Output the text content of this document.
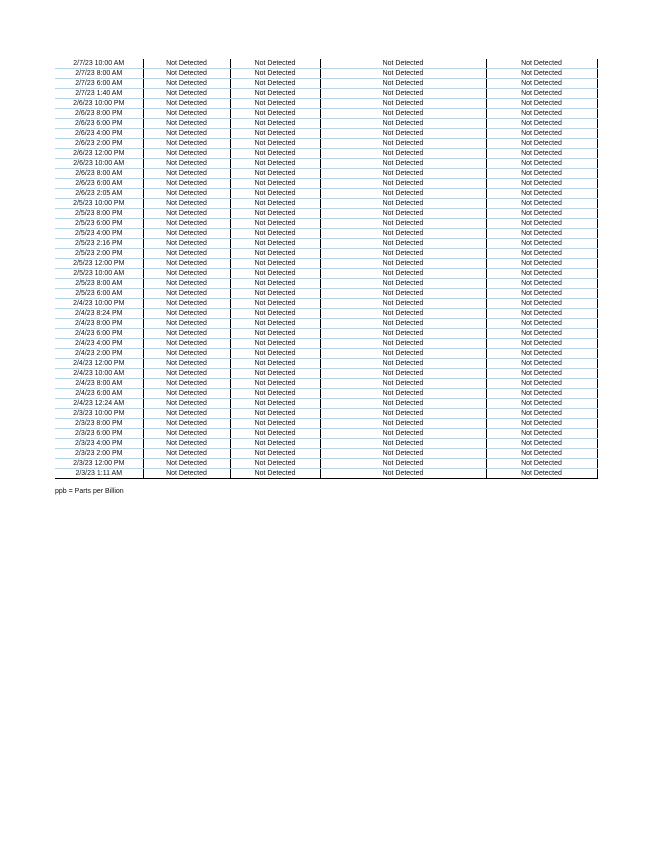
2/7/23 10:00 AM	Not Detected	Not Detected	Not Detected	Not Detected
2/7/23 8:00 AM	Not Detected	Not Detected	Not Detected	Not Detected
2/7/23 6:00 AM	Not Detected	Not Detected	Not Detected	Not Detected
2/7/23 1:40 AM	Not Detected	Not Detected	Not Detected	Not Detected
2/6/23 10:00 PM	Not Detected	Not Detected	Not Detected	Not Detected
2/6/23 8:00 PM	Not Detected	Not Detected	Not Detected	Not Detected
2/6/23 6:00 PM	Not Detected	Not Detected	Not Detected	Not Detected
2/6/23 4:00 PM	Not Detected	Not Detected	Not Detected	Not Detected
2/6/23 2:00 PM	Not Detected	Not Detected	Not Detected	Not Detected
2/6/23 12:00 PM	Not Detected	Not Detected	Not Detected	Not Detected
2/6/23 10:00 AM	Not Detected	Not Detected	Not Detected	Not Detected
2/6/23 8:00 AM	Not Detected	Not Detected	Not Detected	Not Detected
2/6/23 6:00 AM	Not Detected	Not Detected	Not Detected	Not Detected
2/6/23 2:05 AM	Not Detected	Not Detected	Not Detected	Not Detected
2/5/23 10:00 PM	Not Detected	Not Detected	Not Detected	Not Detected
2/5/23 8:00 PM	Not Detected	Not Detected	Not Detected	Not Detected
2/5/23 6:00 PM	Not Detected	Not Detected	Not Detected	Not Detected
2/5/23 4:00 PM	Not Detected	Not Detected	Not Detected	Not Detected
2/5/23 2:16 PM	Not Detected	Not Detected	Not Detected	Not Detected
2/5/23 2:00 PM	Not Detected	Not Detected	Not Detected	Not Detected
2/5/23 12:00 PM	Not Detected	Not Detected	Not Detected	Not Detected
2/5/23 10:00 AM	Not Detected	Not Detected	Not Detected	Not Detected
2/5/23 8:00 AM	Not Detected	Not Detected	Not Detected	Not Detected
2/5/23 6:00 AM	Not Detected	Not Detected	Not Detected	Not Detected
2/4/23 10:00 PM	Not Detected	Not Detected	Not Detected	Not Detected
2/4/23 8:24 PM	Not Detected	Not Detected	Not Detected	Not Detected
2/4/23 8:00 PM	Not Detected	Not Detected	Not Detected	Not Detected
2/4/23 6:00 PM	Not Detected	Not Detected	Not Detected	Not Detected
2/4/23 4:00 PM	Not Detected	Not Detected	Not Detected	Not Detected
2/4/23 2:00 PM	Not Detected	Not Detected	Not Detected	Not Detected
2/4/23 12:00 PM	Not Detected	Not Detected	Not Detected	Not Detected
2/4/23 10:00 AM	Not Detected	Not Detected	Not Detected	Not Detected
2/4/23 8:00 AM	Not Detected	Not Detected	Not Detected	Not Detected
2/4/23 6:00 AM	Not Detected	Not Detected	Not Detected	Not Detected
2/4/23 12:24 AM	Not Detected	Not Detected	Not Detected	Not Detected
2/3/23 10:00 PM	Not Detected	Not Detected	Not Detected	Not Detected
2/3/23 8:00 PM	Not Detected	Not Detected	Not Detected	Not Detected
2/3/23 6:00 PM	Not Detected	Not Detected	Not Detected	Not Detected
2/3/23 4:00 PM	Not Detected	Not Detected	Not Detected	Not Detected
2/3/23 2:00 PM	Not Detected	Not Detected	Not Detected	Not Detected
2/3/23 12:00 PM	Not Detected	Not Detected	Not Detected	Not Detected
2/3/23 1:11 AM	Not Detected	Not Detected	Not Detected	Not Detected
ppb = Parts per Billion
